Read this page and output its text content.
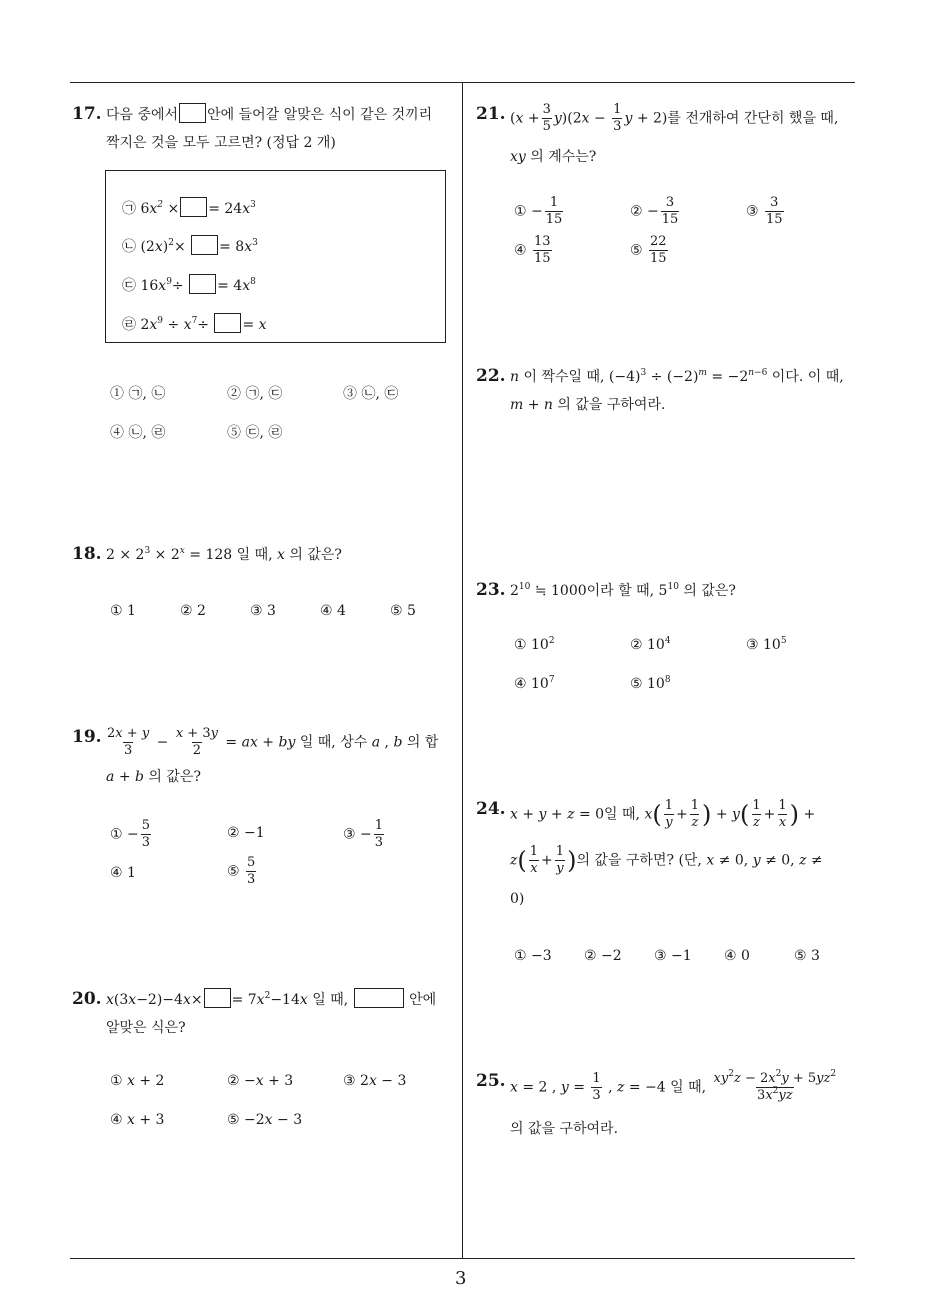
3
17. 다음 중에서 안에 들어갈 알맞은 식이 같은 것끼리
짝지은 것을 모두 고르면? (정답 2 개)
㉠ $6x^2$ × = $24x^3$
㉡ $(2x)^2\times = 8x^3$
㉢ $16x^9\div = 4x^8$
㉣ $2x^9 \div x^7\div = x$
① ㉠, ㉡	② ㉠, ㉢	③ ㉡, ㉢
④ ㉡, ㉣	⑤ ㉢, ㉣
18. $2 \times 2^3 \times 2^x = 128$ 일 때, x 의 값은?
① 1	② 2	③ 3	④ 4	⑤ 5
19. $\frac{2x + y}{3} - \frac{x + 3y}{2}$ = ax + by 일 때, 상수 a , b 의 합
a + b 의 값은?
① − $\frac{5}{3}$	② −1	③ − $\frac{1}{3}$
④ 1	⑤ $\frac{5}{3}$
20. $x(3x-2)-4x\times = 7x^2-14x$ 일 때,	안에
알맞은 식은?
① x + 2	② −x + 3	③ 2x − 3
④ x + 3	⑤ −2x − 3
21. $(x + \frac{3}{5} y)(2x - \frac{1}{3}$ y + 2)를 전개하여 간단히 했을 때,
xy 의 계수는?
① − $\frac{1}{15}$	② − $\frac{3}{15}$	③ $\frac{3}{15}$
④ $\frac{13}{15}$	⑤ $\frac{22}{15}$
22. n 이 짝수일 때, $(-4)^3 \div (-2)^m = -2^{n-6}$ 이다. 이 때,
m + n 의 값을 구하여라.
23. $2^{10}$ ≒ 1000이라 할 때, $5^{10}$ 의 값은?
① $10^2$	② $10^4$	③ $10^5$
④ $10^7$	⑤ $10^8$
24. x + y + z = 0일 때, $x( \frac{1}{y} + \frac{1}{z}$ ) + $y( \frac{1}{z} + \frac{1}{x}$ ) +
$z( \frac{1}{x} + \frac{1}{y}$ )의 값을 구하면? (단, x ≠ 0, y ≠ 0, z ≠
0)
① −3 ② −2 ③ −1 ④ 0	⑤ 3
25. x = 2 , $y = \frac{1}{3}$ , z = −4 일 때, $\frac{xy^2z - 2x^2y + 5yz^2}{3x^2yz}$
의 값을 구하여라.
